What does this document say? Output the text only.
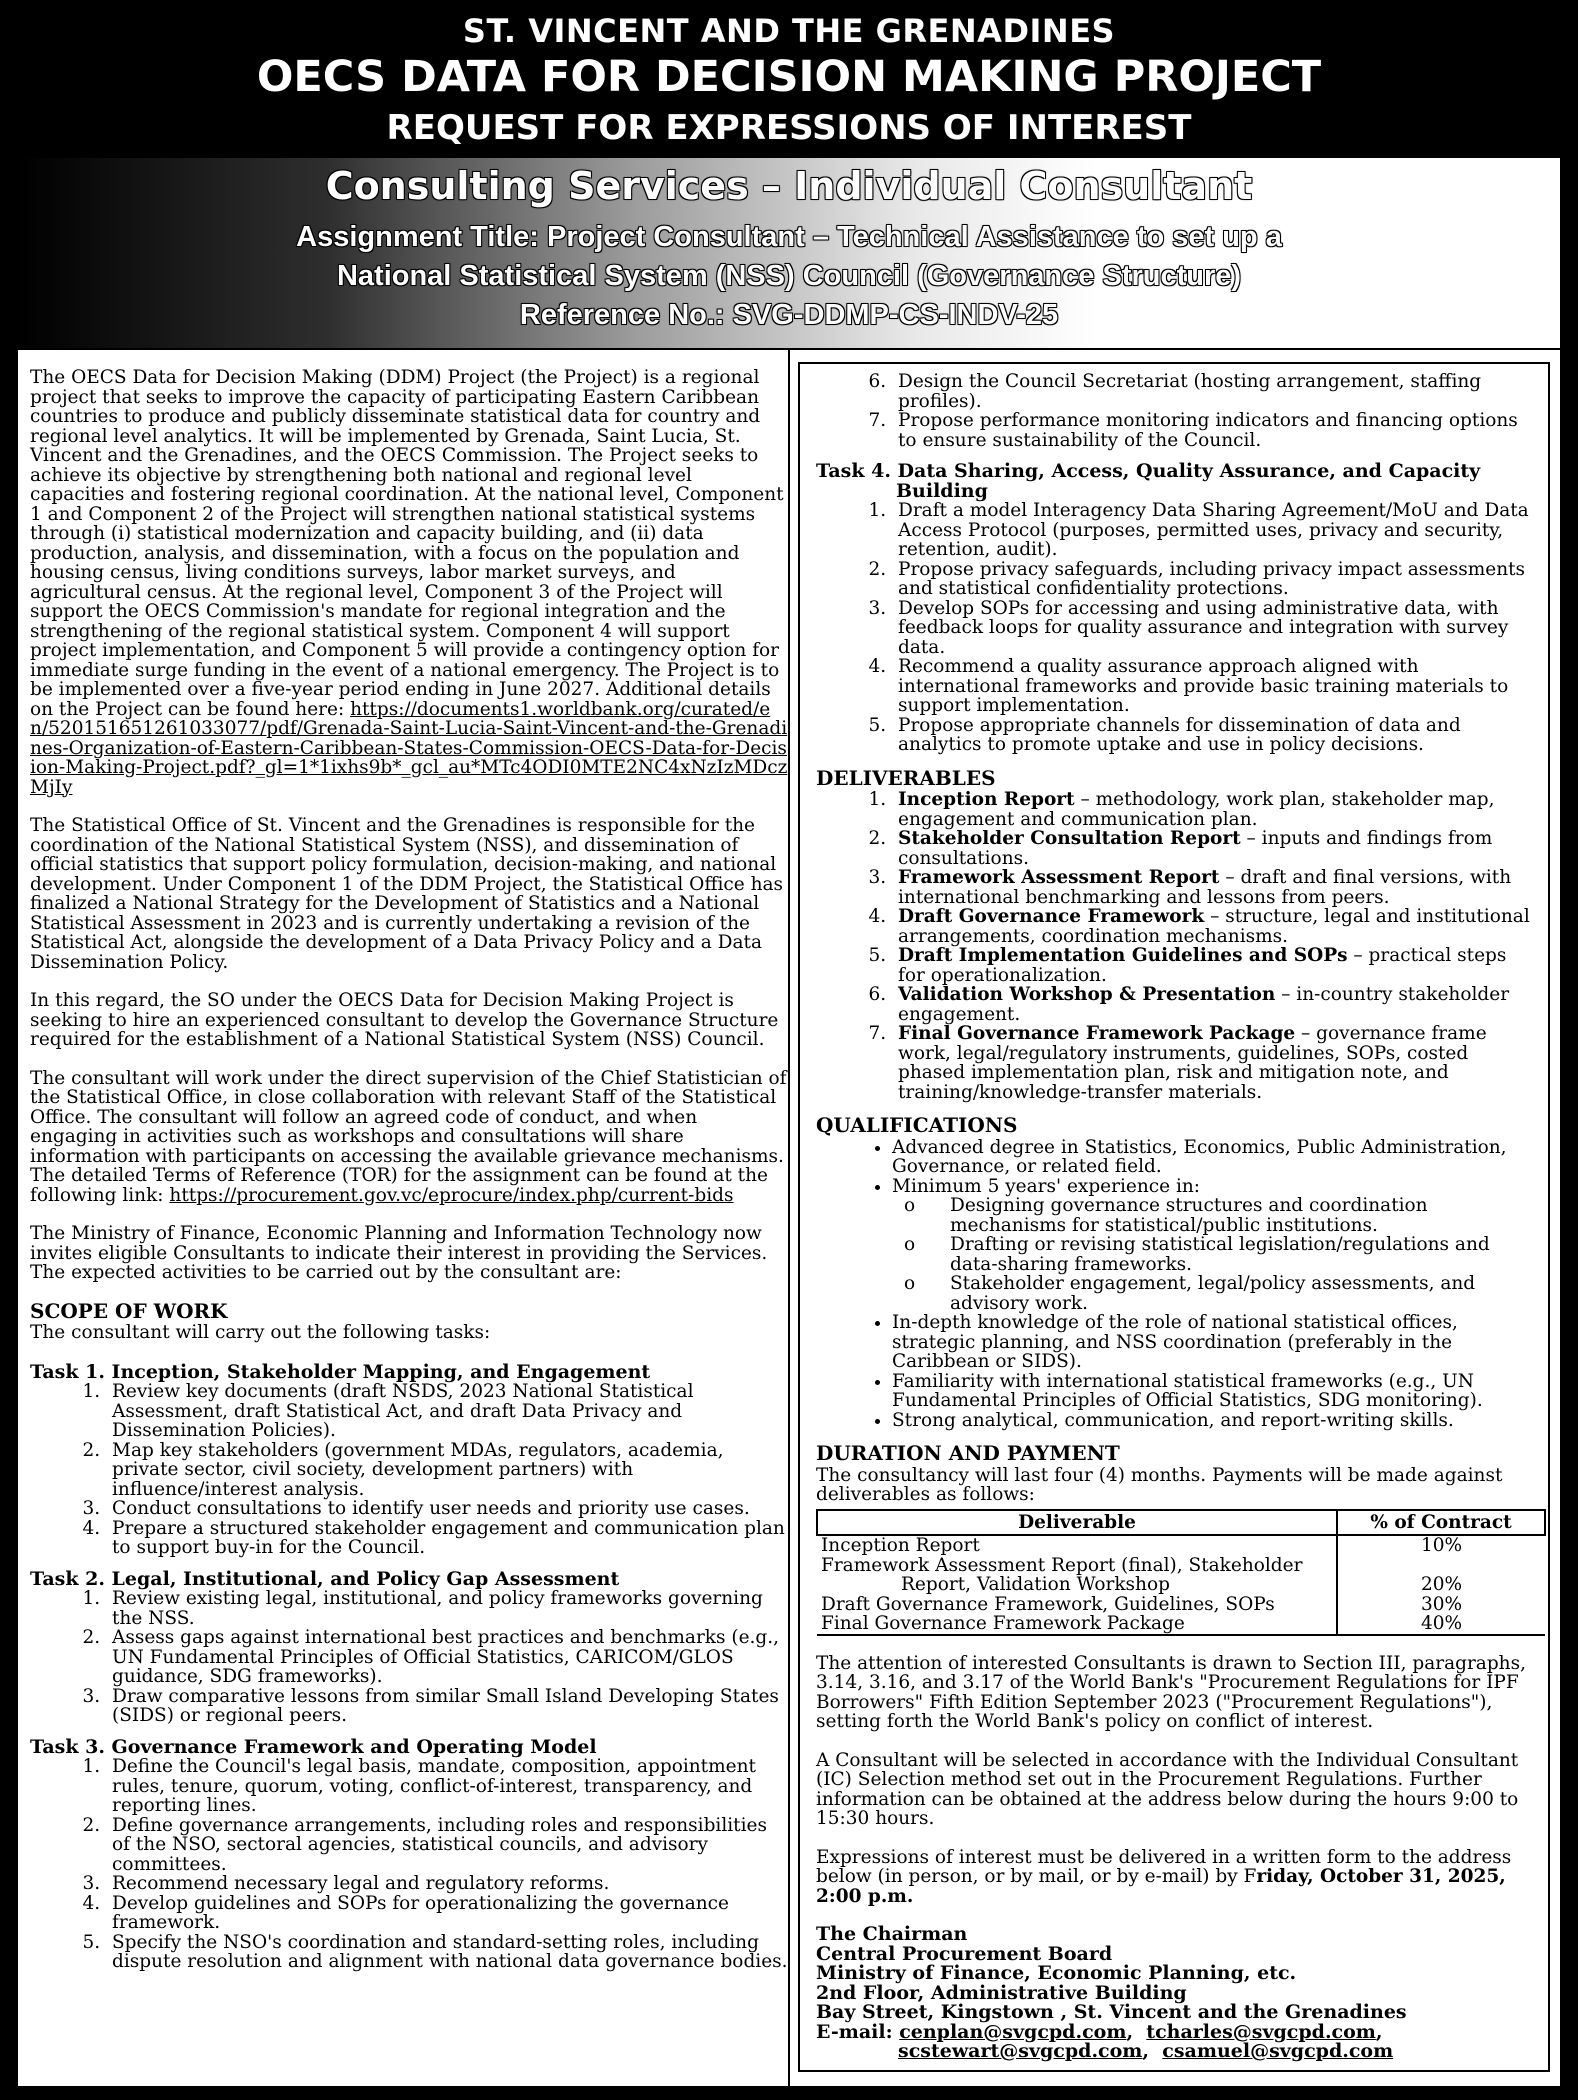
ST. VINCENT AND THE GRENADINES
OECS DATA FOR DECISION MAKING PROJECT
REQUEST FOR EXPRESSIONS OF INTEREST
Consulting Services – Individual Consultant
Assignment Title: Project Consultant – Technical Assistance to set up a
National Statistical System (NSS) Council (Governance Structure)
Reference No.: SVG-DDMP-CS-INDV-25

The OECS Data for Decision Making (DDM) Project (the Project) is a regional project that seeks to improve the capacity of participating Eastern Caribbean countries to produce and publicly disseminate statistical data for country and regional level analytics. It will be implemented by Grenada, Saint Lucia, St. Vincent and the Grenadines, and the OECS Commission. The Project seeks to achieve its objective by strengthening both national and regional level capacities and fostering regional coordination. At the national level, Component 1 and Component 2 of the Project will strengthen national statistical systems through (i) statistical modernization and capacity building, and (ii) data production, analysis, and dissemination, with a focus on the population and housing census, living conditions surveys, labor market surveys, and agricultural census. At the regional level, Component 3 of the Project will support the OECS Commission's mandate for regional integration and the strengthening of the regional statistical system. Component 4 will support project implementation, and Component 5 will provide a contingency option for immediate surge funding in the event of a national emergency. The Project is to be implemented over a five-year period ending in June 2027. Additional details on the Project can be found here: https://documents1.worldbank.org/curated/en/520151651261033077/pdf/Grenada-Saint-Lucia-Saint-Vincent-and-the-Grenadines-Organization-of-Eastern-Caribbean-States-Commission-OECS-Data-for-Decision-Making-Project.pdf?_gl=1*1ixhs9b*_gcl_au*MTc4ODI0MTE2NC4xNzIzMDczMjIy

The Statistical Office of St. Vincent and the Grenadines is responsible for the coordination of the National Statistical System (NSS), and dissemination of official statistics that support policy formulation, decision-making, and national development. Under Component 1 of the DDM Project, the Statistical Office has finalized a National Strategy for the Development of Statistics and a National Statistical Assessment in 2023 and is currently undertaking a revision of the Statistical Act, alongside the development of a Data Privacy Policy and a Data Dissemination Policy.

In this regard, the SO under the OECS Data for Decision Making Project is seeking to hire an experienced consultant to develop the Governance Structure required for the establishment of a National Statistical System (NSS) Council.

The consultant will work under the direct supervision of the Chief Statistician of the Statistical Office, in close collaboration with relevant Staff of the Statistical Office. The consultant will follow an agreed code of conduct, and when engaging in activities such as workshops and consultations will share information with participants on accessing the available grievance mechanisms. The detailed Terms of Reference (TOR) for the assignment can be found at the following link: https://procurement.gov.vc/eprocure/index.php/current-bids

The Ministry of Finance, Economic Planning and Information Technology now invites eligible Consultants to indicate their interest in providing the Services. The expected activities to be carried out by the consultant are:

SCOPE OF WORK

The consultant will carry out the following tasks:

Task 1. Inception, Stakeholder Mapping, and Engagement
1. Review key documents (draft NSDS, 2023 National Statistical Assessment, draft Statistical Act, and draft Data Privacy and Dissemination Policies).
2. Map key stakeholders (government MDAs, regulators, academia, private sector, civil society, development partners) with influence/interest analysis.
3. Conduct consultations to identify user needs and priority use cases.
4. Prepare a structured stakeholder engagement and communication plan to support buy-in for the Council.
Task 2. Legal, Institutional, and Policy Gap Assessment
1. Review existing legal, institutional, and policy frameworks governing the NSS.
2. Assess gaps against international best practices and benchmarks (e.g., UN Fundamental Principles of Official Statistics, CARICOM/GLOS guidance, SDG frameworks).
3. Draw comparative lessons from similar Small Island Developing States (SIDS) or regional peers.
Task 3. Governance Framework and Operating Model
1. Define the Council's legal basis, mandate, composition, appointment rules, tenure, quorum, voting, conflict-of-interest, transparency, and reporting lines.
2. Define governance arrangements, including roles and responsibilities of the NSO, sectoral agencies, statistical councils, and advisory committees.
3. Recommend necessary legal and regulatory reforms.
4. Develop guidelines and SOPs for operationalizing the governance framework.
5. Specify the NSO's coordination and standard-setting roles, including dispute resolution and alignment with national data governance bodies.
6. Design the Council Secretariat (hosting arrangement, staffing profiles).
7. Propose performance monitoring indicators and financing options to ensure sustainability of the Council.
Task 4. Data Sharing, Access, Quality Assurance, and Capacity
Building
1. Draft a model Interagency Data Sharing Agreement/MoU and Data Access Protocol (purposes, permitted uses, privacy and security, retention, audit).
2. Propose privacy safeguards, including privacy impact assessments and statistical confidentiality protections.
3. Develop SOPs for accessing and using administrative data, with feedback loops for quality assurance and integration with survey data.
4. Recommend a quality assurance approach aligned with international frameworks and provide basic training materials to support implementation.
5. Propose appropriate channels for dissemination of data and analytics to promote uptake and use in policy decisions.
DELIVERABLES
1. Inception Report – methodology, work plan, stakeholder map, engagement and communication plan.
2. Stakeholder Consultation Report – inputs and findings from consultations.
3. Framework Assessment Report – draft and final versions, with international benchmarking and lessons from peers.
4. Draft Governance Framework – structure, legal and institutional arrangements, coordination mechanisms.
5. Draft Implementation Guidelines and SOPs – practical steps for operationalization.
6. Validation Workshop & Presentation – in-country stakeholder engagement.
7. Final Governance Framework Package – governance frame work, legal/regulatory instruments, guidelines, SOPs, costed phased implementation plan, risk and mitigation note, and training/knowledge-transfer materials.
QUALIFICATIONS
• Advanced degree in Statistics, Economics, Public Administration, Governance, or related field.
• Minimum 5 years' experience in:
o Designing governance structures and coordination mechanisms for statistical/public institutions.
o Drafting or revising statistical legislation/regulations and data-sharing frameworks.
o Stakeholder engagement, legal/policy assessments, and advisory work.
• In-depth knowledge of the role of national statistical offices, strategic planning, and NSS coordination (preferably in the Caribbean or SIDS).
• Familiarity with international statistical frameworks (e.g., UN Fundamental Principles of Official Statistics, SDG monitoring).
• Strong analytical, communication, and report-writing skills.
DURATION AND PAYMENT

The consultancy will last four (4) months. Payments will be made against deliverables as follows:

Deliverable	% of Contract
Inception Report	10%

Framework Assessment Report (final), Stakeholder
Report, Validation Workshop	20%

Draft Governance Framework, Guidelines, SOPs	30%
Final Governance Framework Package	40%

The attention of interested Consultants is drawn to Section III, paragraphs, 3.14, 3.16, and 3.17 of the World Bank's "Procurement Regulations for IPF Borrowers" Fifth Edition September 2023 ("Procurement Regulations"), setting forth the World Bank's policy on conflict of interest.

A Consultant will be selected in accordance with the Individual Consultant (IC) Selection method set out in the Procurement Regulations. Further information can be obtained at the address below during the hours 9:00 to 15:30 hours.

Expressions of interest must be delivered in a written form to the address below (in person, or by mail, or by e-mail) by Friday, October 31, 2025, 2:00 p.m.

The Chairman
Central Procurement Board
Ministry of Finance, Economic Planning, etc.
2nd Floor, Administrative Building
Bay Street, Kingstown , St. Vincent and the Grenadines
E-mail: cenplan@svgcpd.com,  tcharles@svgcpd.com,
scstewart@svgcpd.com,  csamuel@svgcpd.com
